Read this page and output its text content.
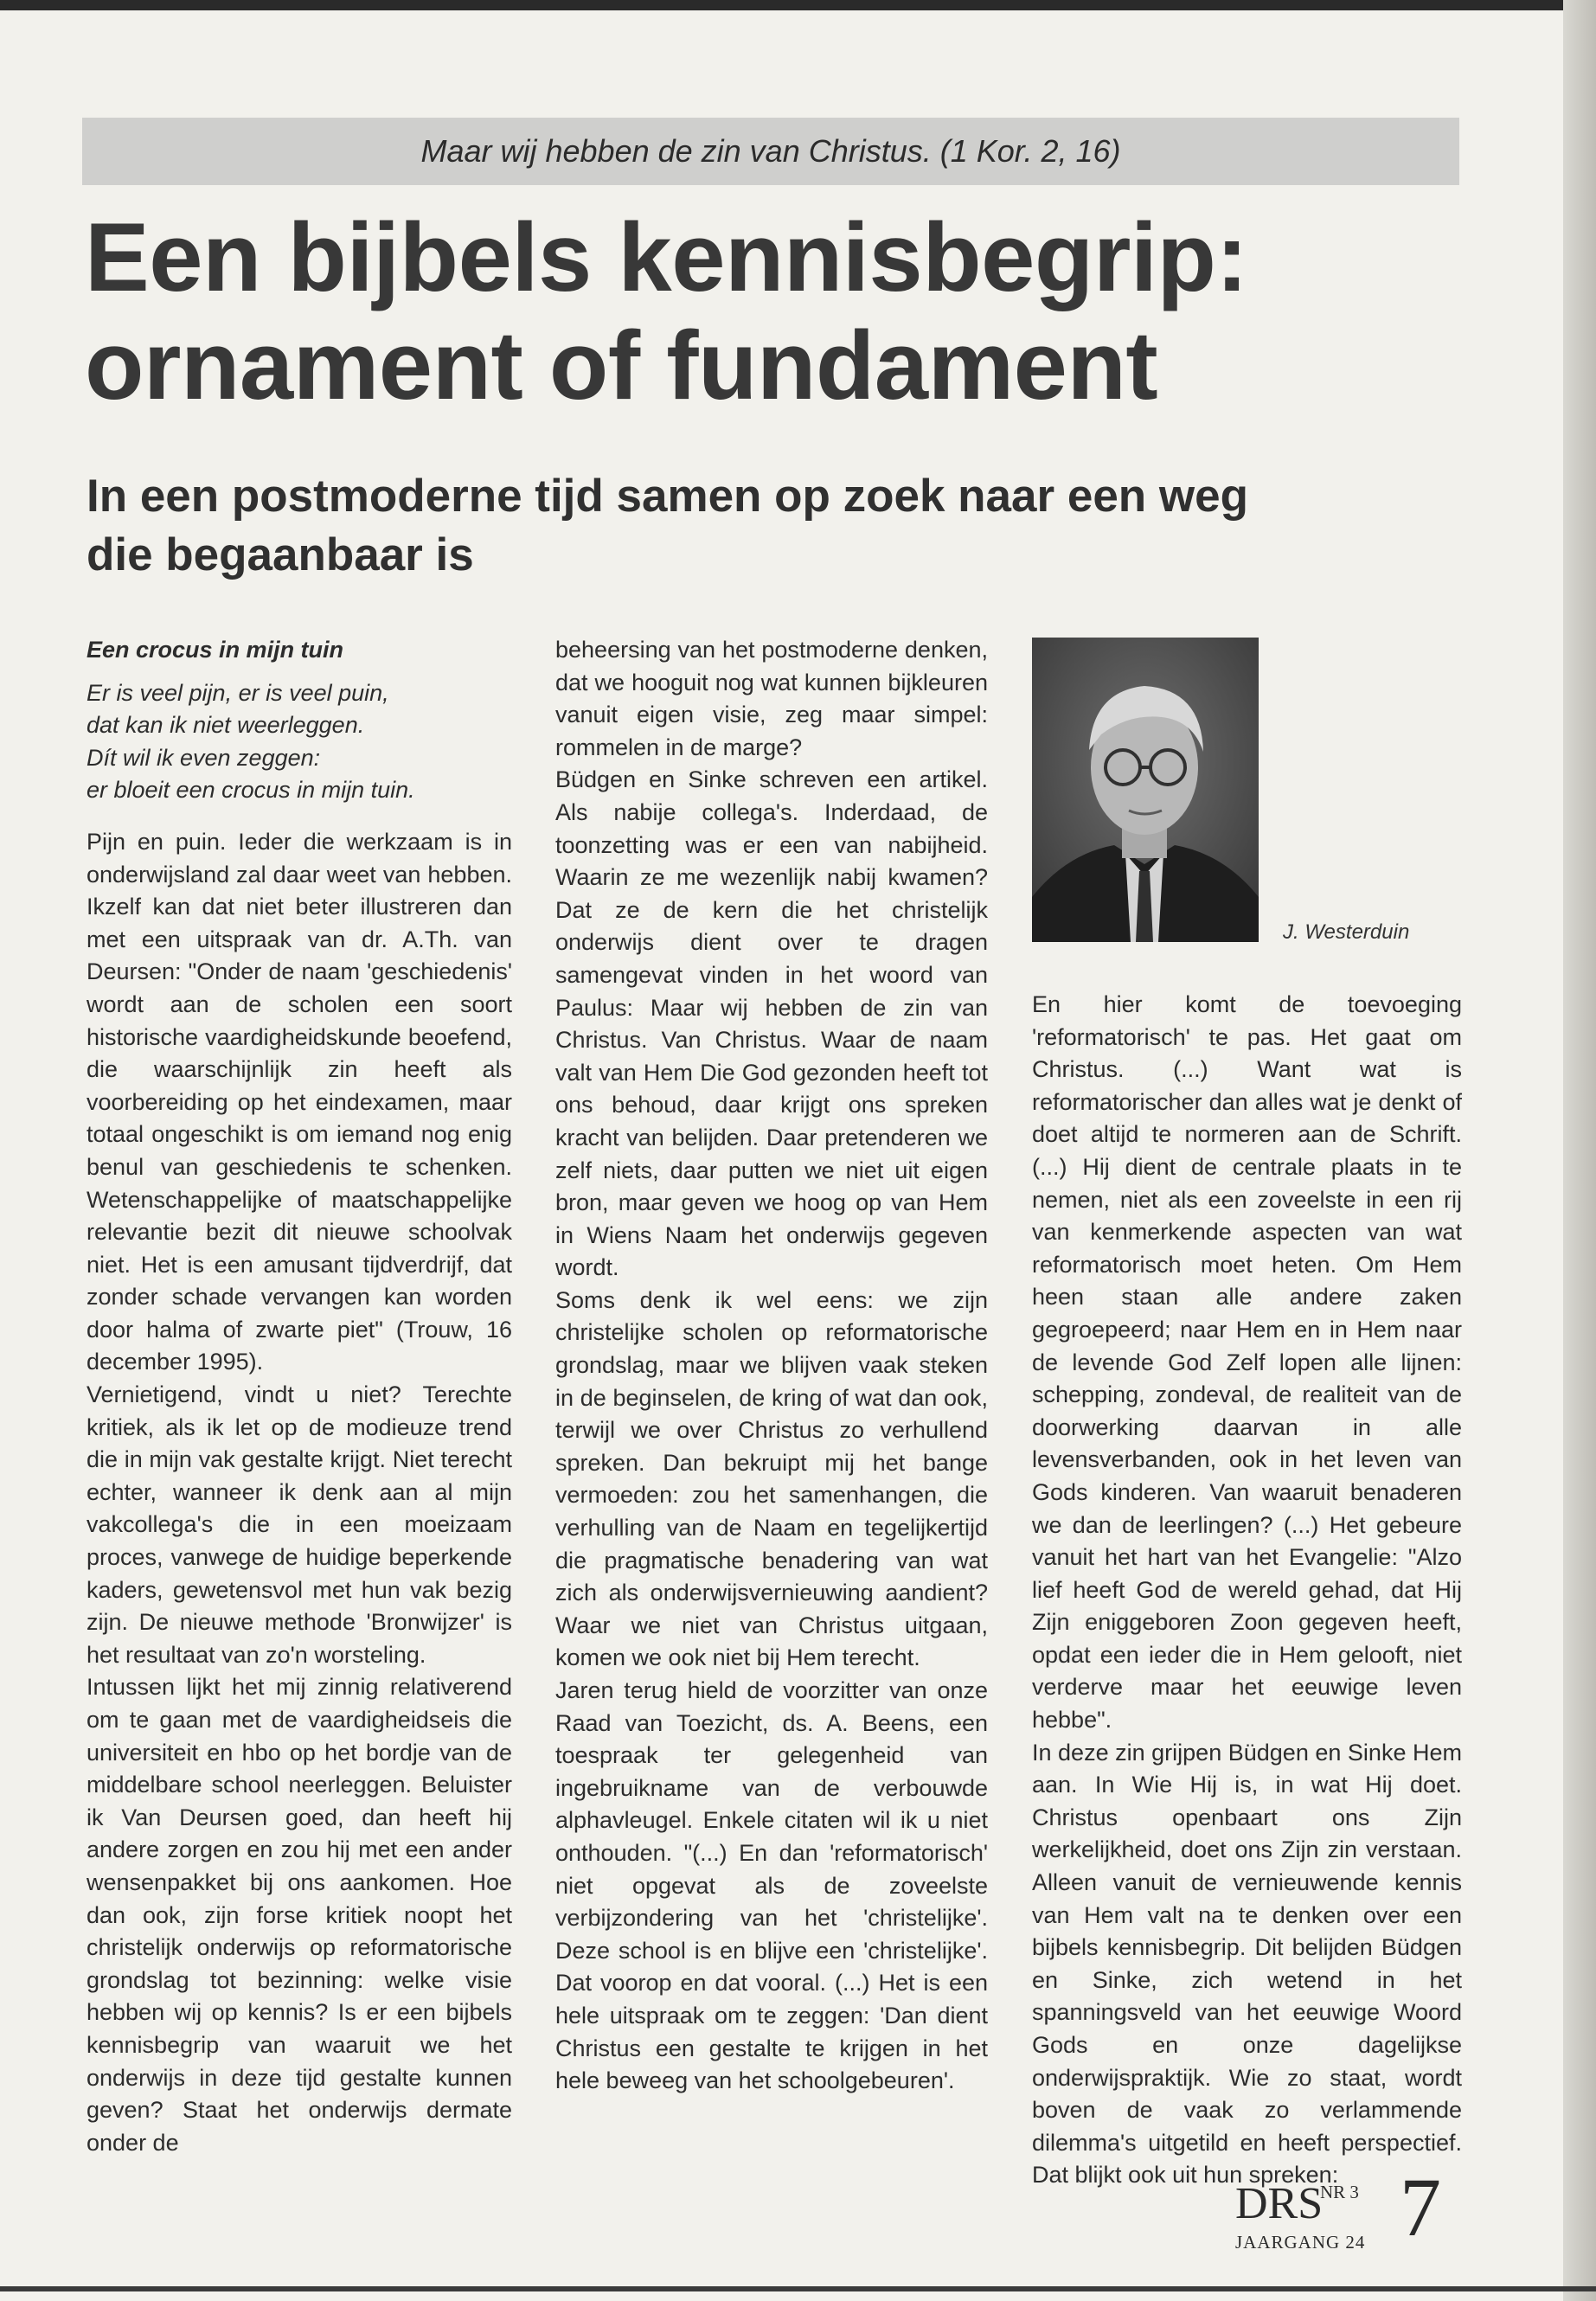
Maar wij hebben de zin van Christus. (1 Kor. 2, 16)
Een bijbels kennisbegrip:
ornament of fundament
In een postmoderne tijd samen op zoek naar een weg
die begaanbaar is

Een crocus in mijn tuin

Er is veel pijn, er is veel puin,

dat kan ik niet weerleggen.

Dít wil ik even zeggen:

er bloeit een crocus in mijn tuin.

Pijn en puin. Ieder die werkzaam is in onderwijsland zal daar weet van hebben. Ikzelf kan dat niet beter illustreren dan met een uitspraak van dr. A.Th. van Deursen: "Onder de naam 'geschiedenis' wordt aan de scholen een soort historische vaardigheidskunde beoefend, die waarschijnlijk zin heeft als voorbereiding op het eindexamen, maar totaal ongeschikt is om iemand nog enig benul van geschiedenis te schenken. Wetenschappelijke of maatschappelijke relevantie bezit dit nieuwe schoolvak niet. Het is een amusant tijdverdrijf, dat zonder schade vervangen kan worden door halma of zwarte piet" (Trouw, 16 december 1995).

Vernietigend, vindt u niet? Terechte kritiek, als ik let op de modieuze trend die in mijn vak gestalte krijgt. Niet terecht echter, wanneer ik denk aan al mijn vakcollega's die in een moeizaam proces, vanwege de huidige beperkende kaders, gewetensvol met hun vak bezig zijn. De nieuwe methode 'Bronwijzer' is het resultaat van zo'n worsteling.

Intussen lijkt het mij zinnig relativerend om te gaan met de vaardigheidseis die universiteit en hbo op het bordje van de middelbare school neerleggen. Beluister ik Van Deursen goed, dan heeft hij andere zorgen en zou hij met een ander wensenpakket bij ons aankomen. Hoe dan ook, zijn forse kritiek noopt het christelijk onderwijs op reformatorische grondslag tot bezinning: welke visie hebben wij op kennis? Is er een bijbels kennisbegrip van waaruit we het onderwijs in deze tijd gestalte kunnen geven? Staat het onderwijs dermate onder de

beheersing van het postmoderne denken, dat we hooguit nog wat kunnen bijkleuren vanuit eigen visie, zeg maar simpel: rommelen in de marge?

Büdgen en Sinke schreven een artikel. Als nabije collega's. Inderdaad, de toonzetting was er een van nabijheid. Waarin ze me wezenlijk nabij kwamen? Dat ze de kern die het christelijk onderwijs dient over te dragen samengevat vinden in het woord van Paulus: Maar wij hebben de zin van Christus. Van Christus. Waar de naam valt van Hem Die God gezonden heeft tot ons behoud, daar krijgt ons spreken kracht van belijden. Daar pretenderen we zelf niets, daar putten we niet uit eigen bron, maar geven we hoog op van Hem in Wiens Naam het onderwijs gegeven wordt.

Soms denk ik wel eens: we zijn christelijke scholen op reformatorische grondslag, maar we blijven vaak steken in de beginselen, de kring of wat dan ook, terwijl we over Christus zo verhullend spreken. Dan bekruipt mij het bange vermoeden: zou het samenhangen, die verhulling van de Naam en tegelijkertijd die pragmatische benadering van wat zich als onderwijsvernieuwing aandient? Waar we niet van Christus uitgaan, komen we ook niet bij Hem terecht.

Jaren terug hield de voorzitter van onze Raad van Toezicht, ds. A. Beens, een toespraak ter gelegenheid van ingebruikname van de verbouwde alphavleugel. Enkele citaten wil ik u niet onthouden. "(...) En dan 'reformatorisch' niet opgevat als de zoveelste verbijzondering van het 'christelijke'. Deze school is en blijve een 'christelijke'. Dat voorop en dat vooral. (...) Het is een hele uitspraak om te zeggen: 'Dan dient Christus een gestalte te krijgen in het hele beweeg van het schoolgebeuren'.

J. Westerduin

En hier komt de toevoeging 'reformatorisch' te pas. Het gaat om Christus. (...) Want wat is reformatorischer dan alles wat je denkt of doet altijd te normeren aan de Schrift. (...) Hij dient de centrale plaats in te nemen, niet als een zoveelste in een rij van kenmerkende aspecten van wat reformatorisch moet heten. Om Hem heen staan alle andere zaken gegroepeerd; naar Hem en in Hem naar de levende God Zelf lopen alle lijnen: schepping, zondeval, de realiteit van de doorwerking daarvan in alle levensverbanden, ook in het leven van Gods kinderen. Van waaruit benaderen we dan de leerlingen? (...) Het gebeure vanuit het hart van het Evangelie: "Alzo lief heeft God de wereld gehad, dat Hij Zijn eniggeboren Zoon gegeven heeft, opdat een ieder die in Hem gelooft, niet verderve maar het eeuwige leven hebbe".

In deze zin grijpen Büdgen en Sinke Hem aan. In Wie Hij is, in wat Hij doet. Christus openbaart ons Zijn werkelijkheid, doet ons Zijn zin verstaan. Alleen vanuit de vernieuwende kennis van Hem valt na te denken over een bijbels kennisbegrip. Dit belijden Büdgen en Sinke, zich wetend in het spanningsveld van het eeuwige Woord Gods en onze dagelijkse onderwijspraktijk. Wie zo staat, wordt boven de vaak zo verlammende dilemma's uitgetild en heeft perspectief. Dat blijkt ook uit hun spreken:

DRS
NR 3
JAARGANG 24 7
